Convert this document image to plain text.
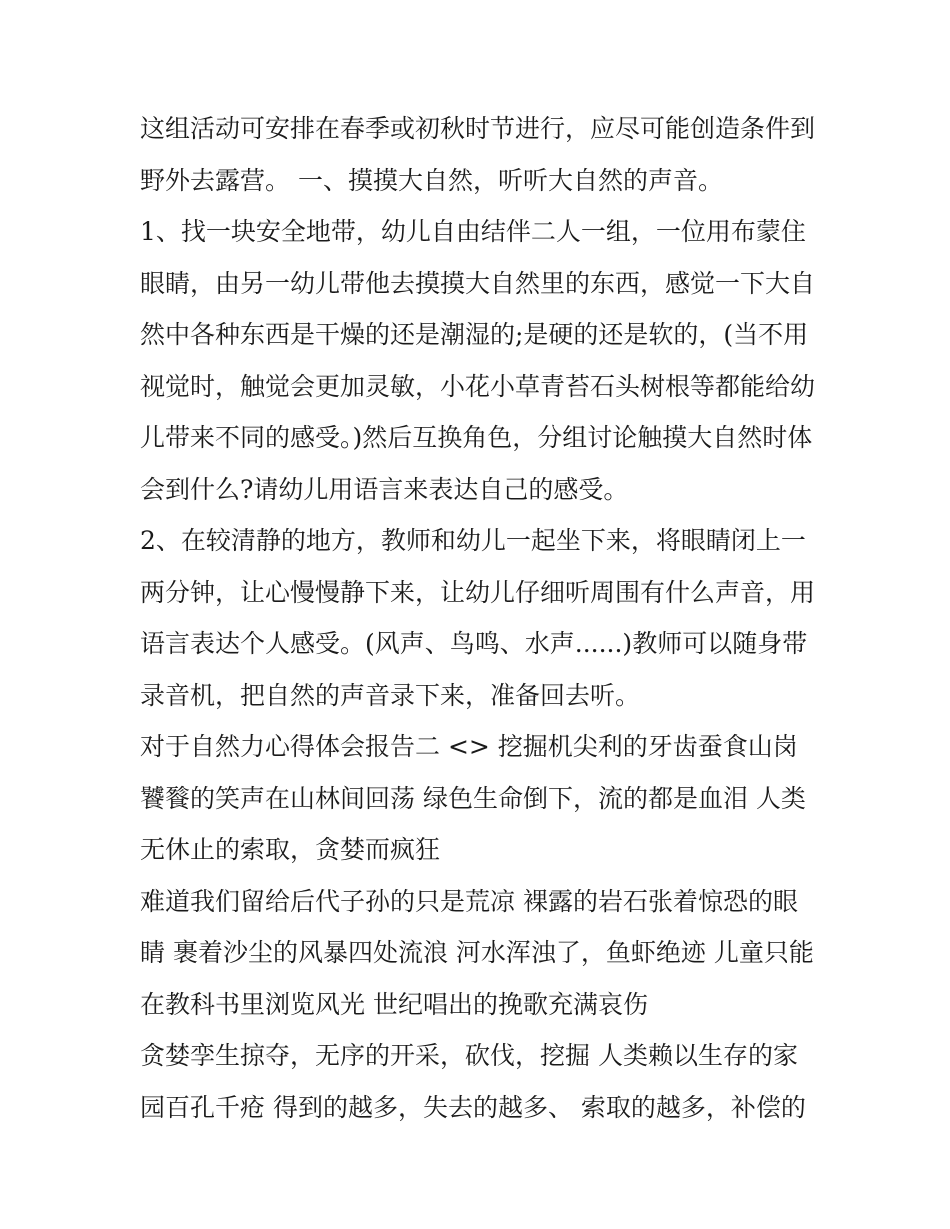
这组活动可安排在春季或初秋时节进行，应尽可能创造条件到野外去露营。 一、摸摸大自然，听听大自然的声音。

1、找一块安全地带，幼儿自由结伴二人一组，一位用布蒙住眼睛，由另一幼儿带他去摸摸大自然里的东西，感觉一下大自然中各种东西是干燥的还是潮湿的;是硬的还是软的，(当不用视觉时，触觉会更加灵敏，小花小草青苔石头树根等都能给幼儿带来不同的感受。)然后互换角色，分组讨论触摸大自然时体会到什么?请幼儿用语言来表达自己的感受。

2、在较清静的地方，教师和幼儿一起坐下来，将眼睛闭上一两分钟，让心慢慢静下来，让幼儿仔细听周围有什么声音，用语言表达个人感受。(风声、鸟鸣、水声......)教师可以随身带录音机，把自然的声音录下来，准备回去听。

对于自然力心得体会报告二 <> 挖掘机尖利的牙齿蚕食山岗 饕餮的笑声在山林间回荡 绿色生命倒下，流的都是血泪 人类无休止的索取，贪婪而疯狂

难道我们留给后代子孙的只是荒凉 裸露的岩石张着惊恐的眼睛 裹着沙尘的风暴四处流浪 河水浑浊了，鱼虾绝迹 儿童只能在教科书里浏览风光 世纪唱出的挽歌充满哀伤

贪婪孪生掠夺，无序的开采，砍伐，挖掘 人类赖以生存的家园百孔千疮 得到的越多，失去的越多、 索取的越多，补偿的
